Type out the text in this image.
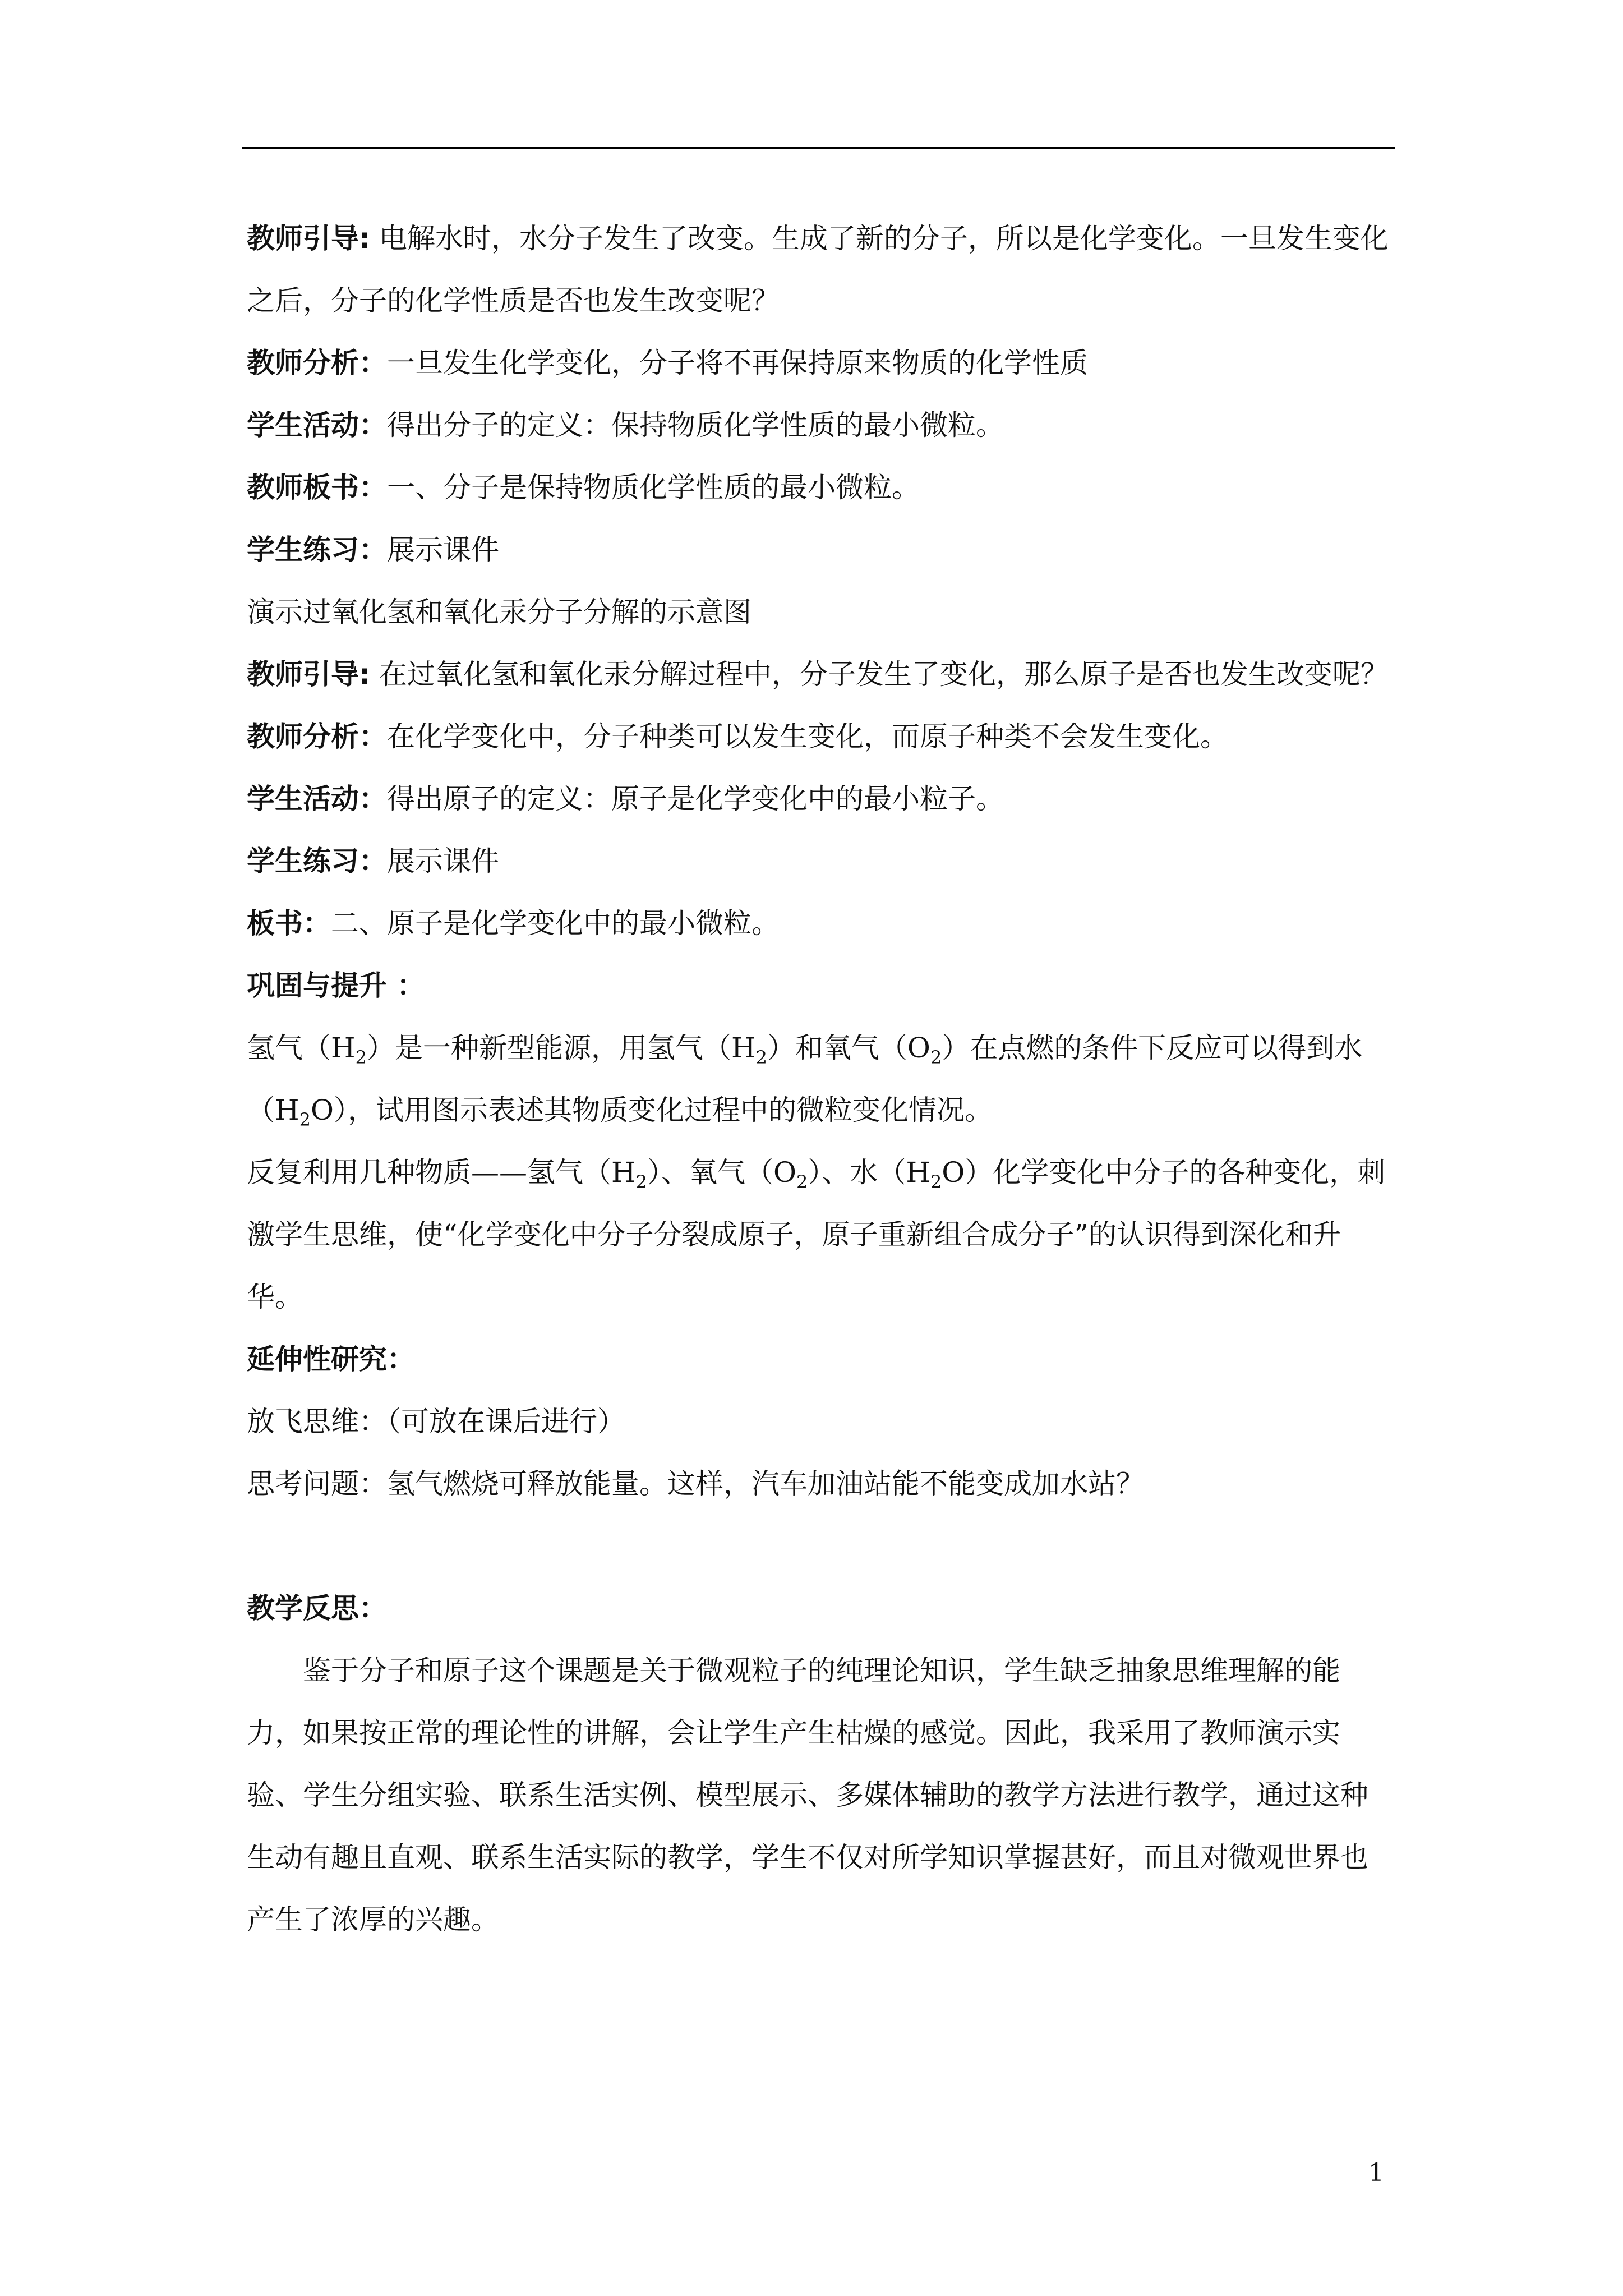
教师引导: 电解水时，水分子发生了改变。生成了新的分子，所以是化学变化。一旦发生变化之后，分子的化学性质是否也发生改变呢？

教师分析：一旦发生化学变化，分子将不再保持原来物质的化学性质

学生活动：得出分子的定义：保持物质化学性质的最小微粒。

教师板书：一、分子是保持物质化学性质的最小微粒。

学生练习：展示课件

演示过氧化氢和氧化汞分子分解的示意图

教师引导: 在过氧化氢和氧化汞分解过程中，分子发生了变化，那么原子是否也发生改变呢？

教师分析：在化学变化中，分子种类可以发生变化，而原子种类不会发生变化。

学生活动：得出原子的定义：原子是化学变化中的最小粒子。

学生练习：展示课件

板书：二、原子是化学变化中的最小微粒。

巩固与提升 ：

氢气$(H_2)$是一种新型能源，用氢气$(H_2)$和氧气$(O_2)$在点燃的条件下反应可以得到水$(H_2O)$，试用图示表述其物质变化过程中的微粒变化情况。

反复利用几种物质——氢气$(H_2)$、氧气$(O_2)$、水$(H_2O)$化学变化中分子的各种变化，刺激学生思维，使“化学变化中分子分裂成原子，原子重新组合成分子”的认识得到深化和升华。

延伸性研究：

放飞思维：（可放在课后进行）

思考问题：氢气燃烧可释放能量。这样，汽车加油站能不能变成加水站？

教学反思：

鉴于分子和原子这个课题是关于微观粒子的纯理论知识，学生缺乏抽象思维理解的能力，如果按正常的理论性的讲解，会让学生产生枯燥的感觉。因此，我采用了教师演示实验、学生分组实验、联系生活实例、模型展示、多媒体辅助的教学方法进行教学，通过这种生动有趣且直观、联系生活实际的教学，学生不仅对所学知识掌握甚好，而且对微观世界也产生了浓厚的兴趣。

1
